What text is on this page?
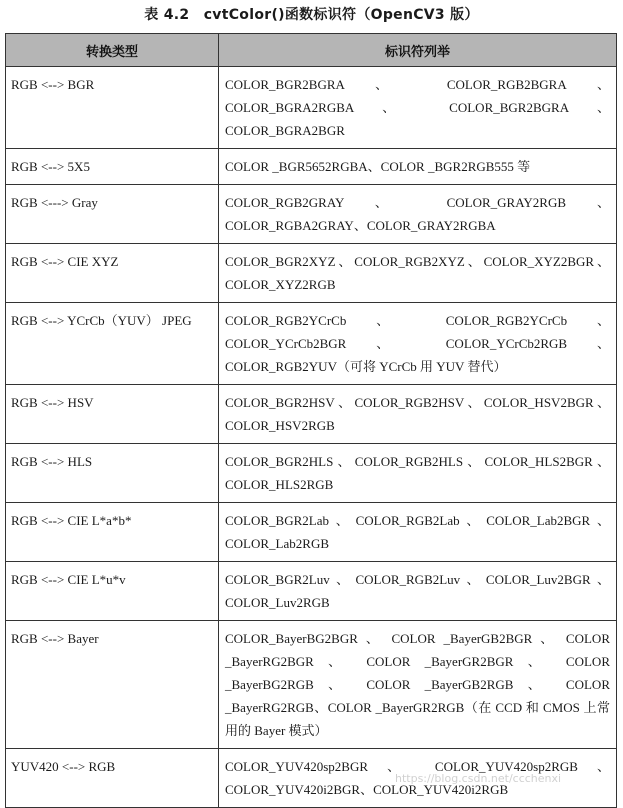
表 4.2　cvtColor()函数标识符（OpenCV3 版）
转换类型	标识符列举
RGB <--> BGR	COLOR_BGR2BGRA 、 COLOR_RGB2BGRA 、 COLOR_BGRA2RGBA 、 COLOR_BGR2BGRA 、 COLOR_BGRA2BGR
RGB <--> 5X5	COLOR _BGR5652RGBA、COLOR _BGR2RGB555 等
RGB <---> Gray	COLOR_RGB2GRAY 、 COLOR_GRAY2RGB 、 COLOR_RGBA2GRAY、COLOR_GRAY2RGBA
RGB <--> CIE XYZ	COLOR_BGR2XYZ、COLOR_RGB2XYZ、COLOR_XYZ2BGR、COLOR_XYZ2RGB
RGB <--> YCrCb（YUV） JPEG	COLOR_RGB2YCrCb 、 COLOR_RGB2YCrCb 、 COLOR_YCrCb2BGR 、 COLOR_YCrCb2RGB 、 COLOR_RGB2YUV（可将 YCrCb 用 YUV 替代）
RGB <--> HSV	COLOR_BGR2HSV、COLOR_RGB2HSV、COLOR_HSV2BGR、COLOR_HSV2RGB
RGB <--> HLS	COLOR_BGR2HLS、COLOR_RGB2HLS、COLOR_HLS2BGR、COLOR_HLS2RGB
RGB <--> CIE L*a*b*	COLOR_BGR2Lab、COLOR_RGB2Lab、COLOR_Lab2BGR、COLOR_Lab2RGB
RGB <--> CIE L*u*v	COLOR_BGR2Luv、COLOR_RGB2Luv、COLOR_Luv2BGR、COLOR_Luv2RGB
RGB <--> Bayer	COLOR_BayerBG2BGR 、 COLOR _BayerGB2BGR 、 COLOR _BayerRG2BGR 、 COLOR _BayerGR2BGR 、 COLOR _BayerBG2RGB 、 COLOR _BayerGB2RGB 、 COLOR _BayerRG2RGB、COLOR _BayerGR2RGB（在 CCD 和 CMOS 上常用的 Bayer 模式）
YUV420 <--> RGB	COLOR_YUV420sp2BGR 、 COLOR_YUV420sp2RGB 、 COLOR_YUV420i2BGR、COLOR_YUV420i2RGB
https://blog.csdn.net/ccchenxi
